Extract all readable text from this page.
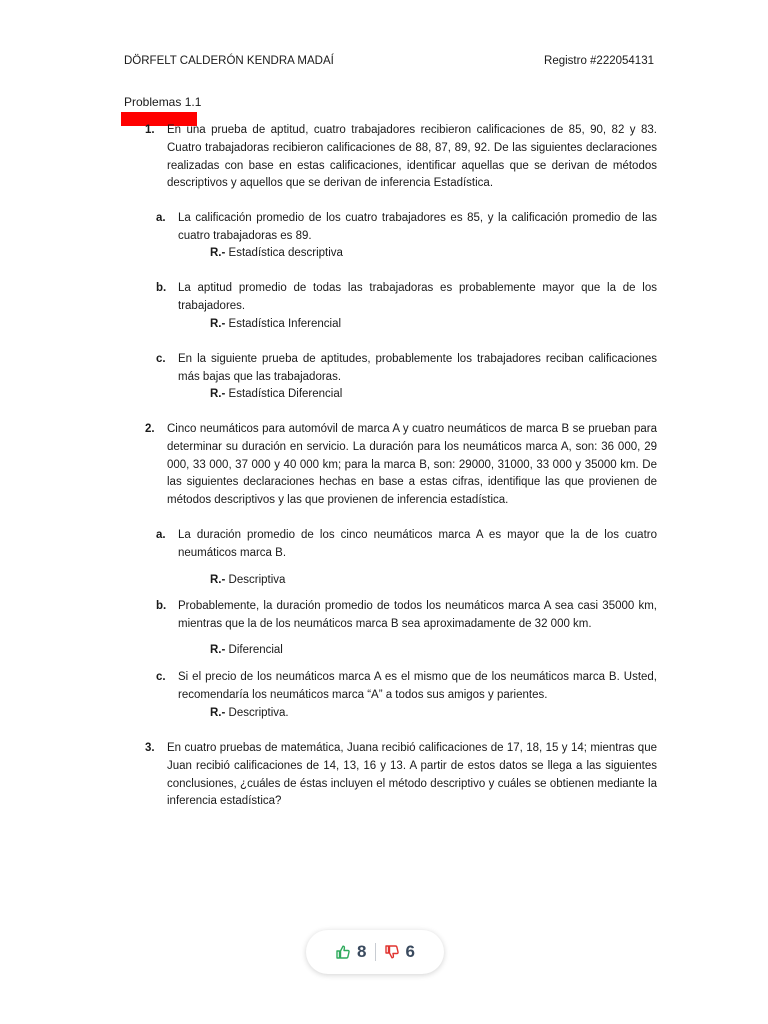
DÖRFELT CALDERÓN KENDRA MADAÍ	Registro #222054131
Problemas 1.1
1. En una prueba de aptitud, cuatro trabajadores recibieron calificaciones de 85, 90, 82 y 83. Cuatro trabajadoras recibieron calificaciones de 88, 87, 89, 92. De las siguientes declaraciones realizadas con base en estas calificaciones, identificar aquellas que se derivan de métodos descriptivos y aquellos que se derivan de inferencia Estadística.
a. La calificación promedio de los cuatro trabajadores es 85, y la calificación promedio de las cuatro trabajadoras es 89.
R.- Estadística descriptiva
b. La aptitud promedio de todas las trabajadoras es probablemente mayor que la de los trabajadores.
R.- Estadística Inferencial
c. En la siguiente prueba de aptitudes, probablemente los trabajadores reciban calificaciones más bajas que las trabajadoras.
R.- Estadística Diferencial
2. Cinco neumáticos para automóvil de marca A y cuatro neumáticos de marca B se prueban para determinar su duración en servicio. La duración para los neumáticos marca A, son: 36 000, 29 000, 33 000, 37 000 y 40 000 km; para la marca B, son: 29000, 31000, 33 000 y 35000 km. De las siguientes declaraciones hechas en base a estas cifras, identifique las que provienen de métodos descriptivos y las que provienen de inferencia estadística.
a. La duración promedio de los cinco neumáticos marca A es mayor que la de los cuatro neumáticos marca B.
R.- Descriptiva
b. Probablemente, la duración promedio de todos los neumáticos marca A sea casi 35000 km, mientras que la de los neumáticos marca B sea aproximadamente de 32 000 km.
R.- Diferencial
c. Si el precio de los neumáticos marca A es el mismo que de los neumáticos marca B. Usted, recomendaría los neumáticos marca “A” a todos sus amigos y parientes.
R.- Descriptiva.
3. En cuatro pruebas de matemática, Juana recibió calificaciones de 17, 18, 15 y 14; mientras que Juan recibió calificaciones de 14, 13, 16 y 13. A partir de estos datos se llega a las siguientes conclusiones, ¿cuáles de éstas incluyen el método descriptivo y cuáles se obtienen mediante la inferencia estadística?
8 6
